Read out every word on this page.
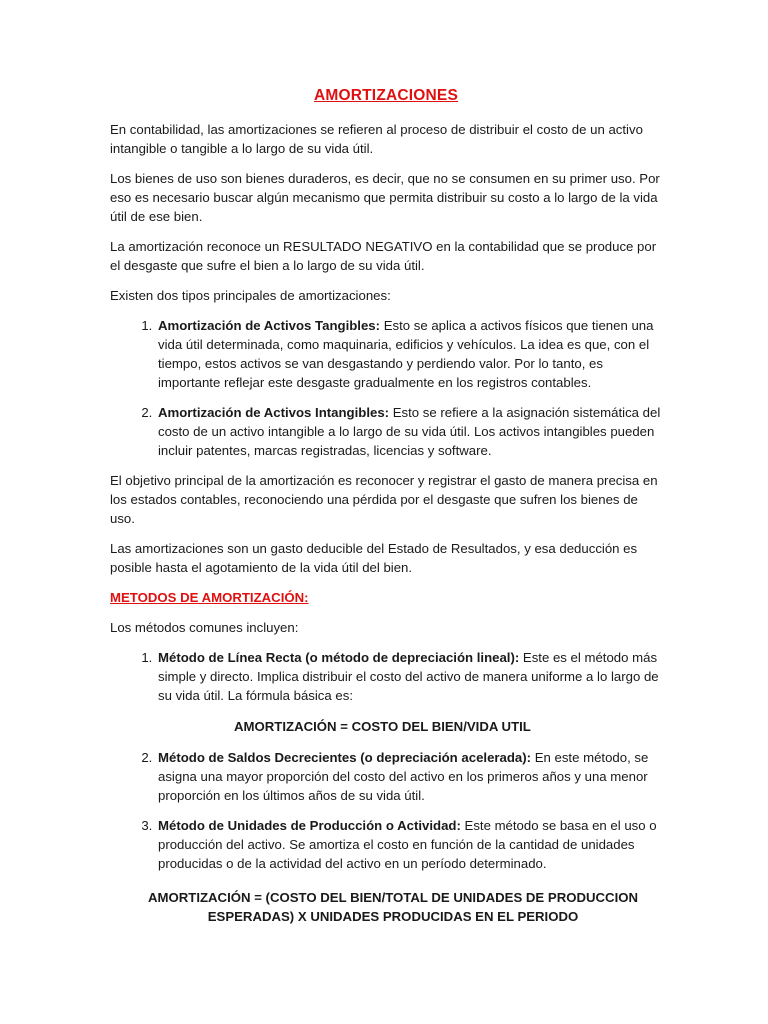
AMORTIZACIONES

En contabilidad, las amortizaciones se refieren al proceso de distribuir el costo de un activo intangible o tangible a lo largo de su vida útil.

Los bienes de uso son bienes duraderos, es decir, que no se consumen en su primer uso. Por eso es necesario buscar algún mecanismo que permita distribuir su costo a lo largo de la vida útil de ese bien.

La amortización reconoce un RESULTADO NEGATIVO en la contabilidad que se produce por el desgaste que sufre el bien a lo largo de su vida útil.

Existen dos tipos principales de amortizaciones:

1. Amortización de Activos Tangibles: Esto se aplica a activos físicos que tienen una vida útil determinada, como maquinaria, edificios y vehículos. La idea es que, con el tiempo, estos activos se van desgastando y perdiendo valor. Por lo tanto, es importante reflejar este desgaste gradualmente en los registros contables.
2. Amortización de Activos Intangibles: Esto se refiere a la asignación sistemática del costo de un activo intangible a lo largo de su vida útil. Los activos intangibles pueden incluir patentes, marcas registradas, licencias y software.

El objetivo principal de la amortización es reconocer y registrar el gasto de manera precisa en los estados contables, reconociendo una pérdida por el desgaste que sufren los bienes de uso.

Las amortizaciones son un gasto deducible del Estado de Resultados, y esa deducción es posible hasta el agotamiento de la vida útil del bien.

METODOS DE AMORTIZACIÓN:

Los métodos comunes incluyen:

1. Método de Línea Recta (o método de depreciación lineal): Este es el método más simple y directo. Implica distribuir el costo del activo de manera uniforme a lo largo de su vida útil. La fórmula básica es:
AMORTIZACIÓN = COSTO DEL BIEN/VIDA UTIL
2. Método de Saldos Decrecientes (o depreciación acelerada): En este método, se asigna una mayor proporción del costo del activo en los primeros años y una menor proporción en los últimos años de su vida útil.
3. Método de Unidades de Producción o Actividad: Este método se basa en el uso o producción del activo. Se amortiza el costo en función de la cantidad de unidades producidas o de la actividad del activo en un período determinado.
AMORTIZACIÓN = (COSTO DEL BIEN/TOTAL DE UNIDADES DE PRODUCCION
ESPERADAS) X UNIDADES PRODUCIDAS EN EL PERIODO
